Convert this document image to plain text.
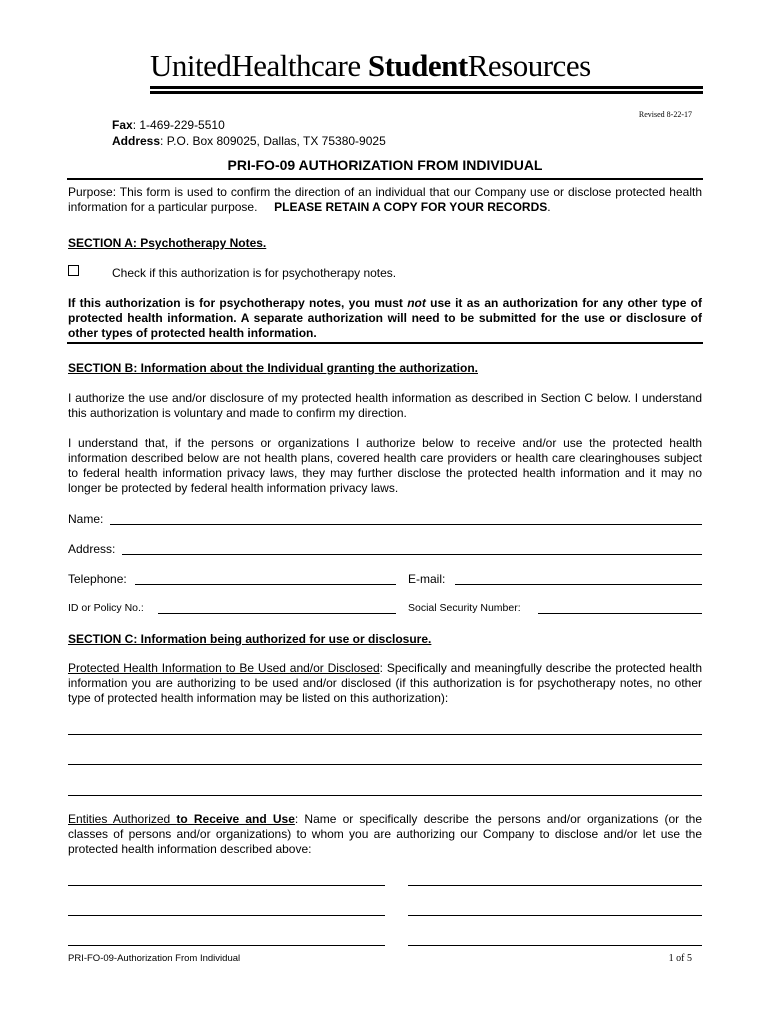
UnitedHealthcare StudentResources
Revised 8-22-17
Fax: 1-469-229-5510
Address: P.O. Box 809025, Dallas, TX 75380-9025
PRI-FO-09 AUTHORIZATION FROM INDIVIDUAL
Purpose: This form is used to confirm the direction of an individual that our Company use or disclose protected health information for a particular purpose. PLEASE RETAIN A COPY FOR YOUR RECORDS.
SECTION A: Psychotherapy Notes.
Check if this authorization is for psychotherapy notes.
If this authorization is for psychotherapy notes, you must not use it as an authorization for any other type of protected health information. A separate authorization will need to be submitted for the use or disclosure of other types of protected health information.
SECTION B: Information about the Individual granting the authorization.
I authorize the use and/or disclosure of my protected health information as described in Section C below. I understand this authorization is voluntary and made to confirm my direction.
I understand that, if the persons or organizations I authorize below to receive and/or use the protected health information described below are not health plans, covered health care providers or health care clearinghouses subject to federal health information privacy laws, they may further disclose the protected health information and it may no longer be protected by federal health information privacy laws.
Name:
Address:
Telephone:	E-mail:
ID or Policy No.:	Social Security Number:
SECTION C: Information being authorized for use or disclosure.
Protected Health Information to Be Used and/or Disclosed: Specifically and meaningfully describe the protected health information you are authorizing to be used and/or disclosed (if this authorization is for psychotherapy notes, no other type of protected health information may be listed on this authorization):
Entities Authorized to Receive and Use: Name or specifically describe the persons and/or organizations (or the classes of persons and/or organizations) to whom you are authorizing our Company to disclose and/or let use the protected health information described above:
PRI-FO-09-Authorization From Individual	1 of 5
